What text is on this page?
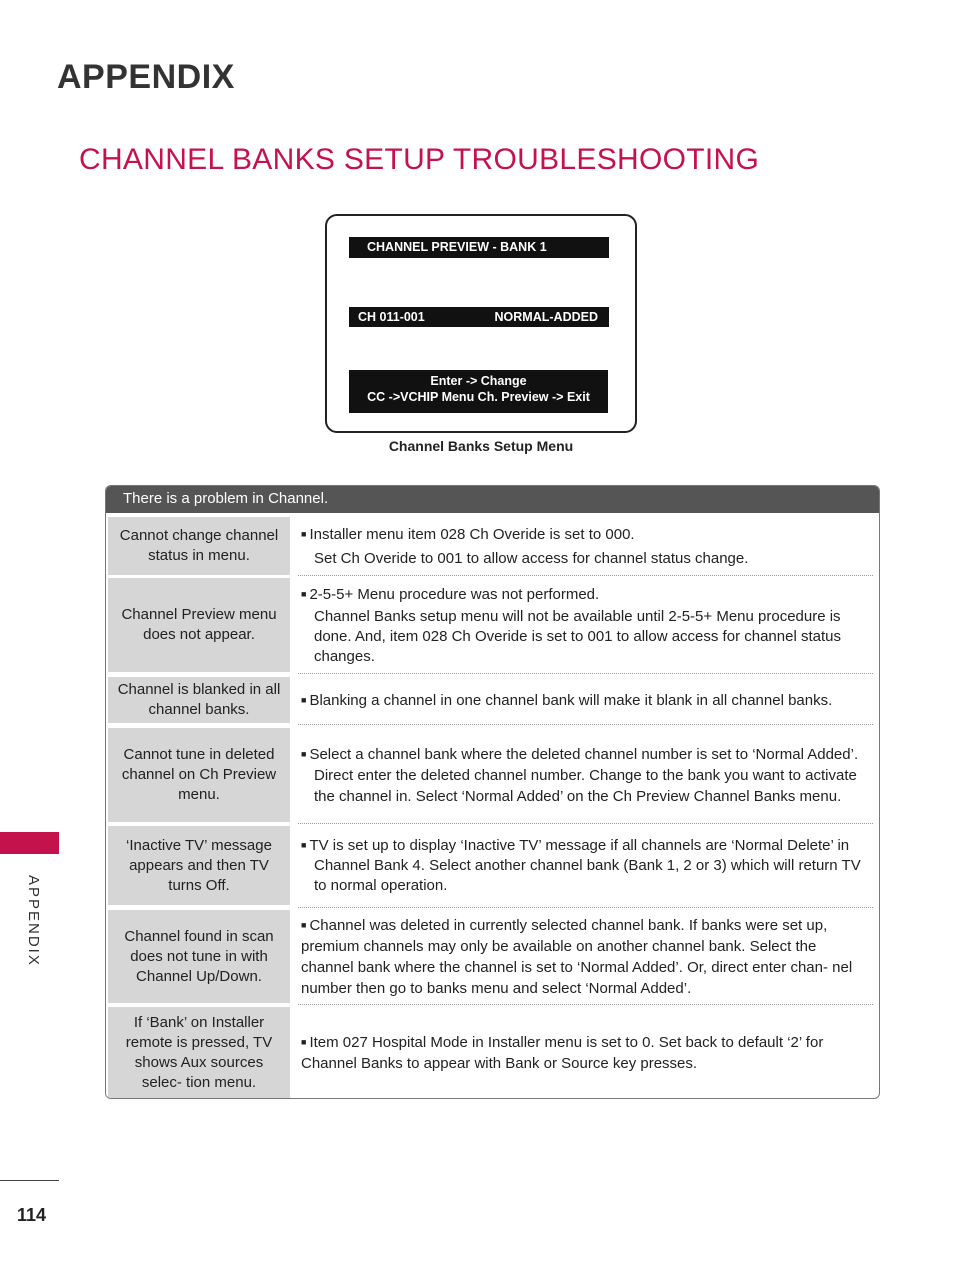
APPENDIX
CHANNEL BANKS SETUP TROUBLESHOOTING
CHANNEL PREVIEW - BANK 1
CH 011-001	NORMAL-ADDED
Enter -> Change
CC ->VCHIP Menu Ch. Preview -> Exit
Channel Banks Setup Menu
There is a problem in Channel.
Cannot change channel status in menu.
■ Installer menu item 028 Ch Overide is set to 000.
Set Ch Overide to 001 to allow access for channel status change.
Channel Preview menu does not appear.
■ 2-5-5+ Menu procedure was not performed.
Channel Banks setup menu will not be available until 2-5-5+ Menu procedure is done. And, item 028 Ch Overide is set to 001 to allow access for channel status changes.
Channel is blanked in all channel banks.
■ Blanking a channel in one channel bank will make it blank in all channel banks.
Cannot tune in deleted channel on Ch Preview menu.
■ Select a channel bank where the deleted channel number is set to ‘Normal Added’. Direct enter the deleted channel number. Change to the bank you want to activate the channel in. Select ‘Normal Added’ on the Ch Preview Channel Banks menu.
‘Inactive TV’ message appears and then TV turns Off.
■ TV is set up to display ‘Inactive TV’ message if all channels are ‘Normal Delete’ in Channel Bank 4. Select another channel bank (Bank 1, 2 or 3) which will return TV to normal operation.
Channel found in scan does not tune in with Channel Up/Down.
■ Channel was deleted in currently selected channel bank. If banks were set up, premium channels may only be available on another channel bank. Select the channel bank where the channel is set to ‘Normal Added’. Or, direct enter chan- nel number then go to banks menu and select ‘Normal Added’.
If ‘Bank’ on Installer remote is pressed, TV shows Aux sources selec- tion menu.
■ Item 027 Hospital Mode in Installer menu is set to 0. Set back to default ‘2’ for Channel Banks to appear with Bank or Source key presses.
APPENDIX
114
